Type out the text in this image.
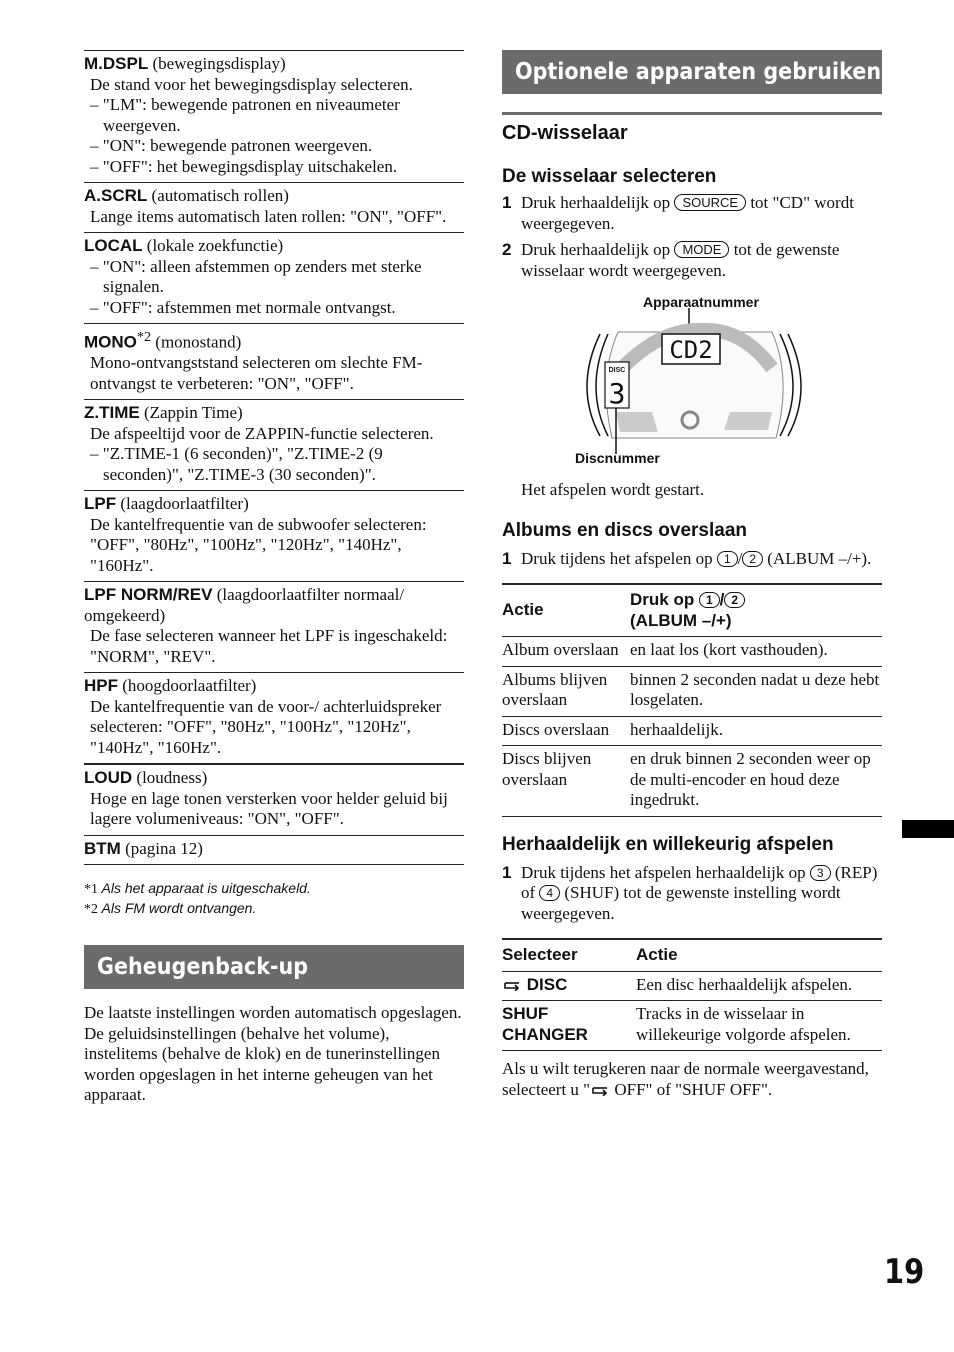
M.DSPL (bewegingsdisplay)
De stand voor het bewegingsdisplay selecteren.
– "LM": bewegende patronen en niveaumeter weergeven.
– "ON": bewegende patronen weergeven.
– "OFF": het bewegingsdisplay uitschakelen.
A.SCRL (automatisch rollen)
Lange items automatisch laten rollen: "ON", "OFF".
LOCAL (lokale zoekfunctie)
– "ON": alleen afstemmen op zenders met sterke signalen.
– "OFF": afstemmen met normale ontvangst.
MONO$^{*2}$ (monostand)
Mono-ontvangststand selecteren om slechte FM-ontvangst te verbeteren: "ON", "OFF".
Z.TIME (Zappin Time)
De afspeeltijd voor de ZAPPIN-functie selecteren.
– "Z.TIME-1 (6 seconden)", "Z.TIME-2 (9 seconden)", "Z.TIME-3 (30 seconden)".
LPF (laagdoorlaatfilter)
De kantelfrequentie van de subwoofer selecteren: "OFF", "80Hz", "100Hz", "120Hz", "140Hz", "160Hz".
LPF NORM/REV (laagdoorlaatfilter normaal/ omgekeerd)
De fase selecteren wanneer het LPF is ingeschakeld: "NORM", "REV".
HPF (hoogdoorlaatfilter)
De kantelfrequentie van de voor-/ achterluidspreker selecteren: "OFF", "80Hz", "100Hz", "120Hz", "140Hz", "160Hz".
LOUD (loudness)
Hoge en lage tonen versterken voor helder geluid bij lagere volumeniveaus: "ON", "OFF".
BTM (pagina 12)
*1 Als het apparaat is uitgeschakeld.
*2 Als FM wordt ontvangen.
Geheugenback-up

De laatste instellingen worden automatisch opgeslagen.

De geluidsinstellingen (behalve het volume), instelitems (behalve de klok) en de tunerinstellingen worden opgeslagen in het interne geheugen van het apparaat.

Optionele apparaten gebruiken
CD-wisselaar
De wisselaar selecteren
1 Druk herhaaldelijk op SOURCE tot "CD" wordt weergegeven.
2 Druk herhaaldelijk op MODE tot de gewenste wisselaar wordt weergegeven.
Apparaatnummer
CD2
DISC
3
Discnummer

Het afspelen wordt gestart.

Albums en discs overslaan
1 Druk tijdens het afspelen op 1 / 2 (ALBUM –/+).
Actie	Druk op 1 / 2
(ALBUM –/+)
Album overslaan	en laat los (kort vasthouden).
Albums blijven overslaan	binnen 2 seconden nadat u deze hebt losgelaten.
Discs overslaan	herhaaldelijk.
Discs blijven overslaan	en druk binnen 2 seconden weer op de multi-encoder en houd deze ingedrukt.
Herhaaldelijk en willekeurig afspelen
1 Druk tijdens het afspelen herhaaldelijk op 3 (REP) of 4 (SHUF) tot de gewenste instelling wordt weergegeven.
Selecteer	Actie
DISC	Een disc herhaaldelijk afspelen.
SHUF CHANGER	Tracks in de wisselaar in willekeurige volgorde afspelen.

Als u wilt terugkeren naar de normale weergavestand, selecteert u " OFF" of "SHUF OFF".

19
